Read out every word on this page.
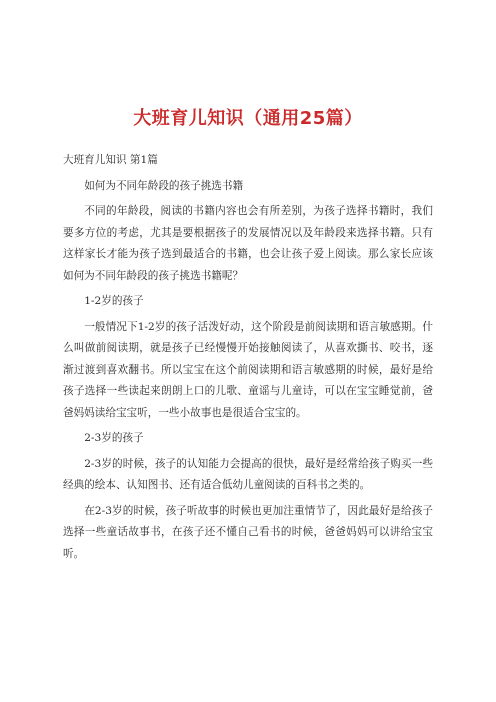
大班育儿知识（通用25篇）

大班育儿知识 第1篇

如何为不同年龄段的孩子挑选书籍

不同的年龄段，阅读的书籍内容也会有所差别，为孩子选择书籍时，我们要多方位的考虑，尤其是要根据孩子的发展情况以及年龄段来选择书籍。只有这样家长才能为孩子选到最适合的书籍，也会让孩子爱上阅读。那么家长应该如何为不同年龄段的孩子挑选书籍呢？

1-2岁的孩子

一般情况下1-2岁的孩子活泼好动，这个阶段是前阅读期和语言敏感期。什么叫做前阅读期，就是孩子已经慢慢开始接触阅读了，从喜欢撕书、咬书，逐渐过渡到喜欢翻书。所以宝宝在这个前阅读期和语言敏感期的时候，最好是给孩子选择一些读起来朗朗上口的儿歌、童谣与儿童诗，可以在宝宝睡觉前，爸爸妈妈读给宝宝听，一些小故事也是很适合宝宝的。

2-3岁的孩子

2-3岁的时候，孩子的认知能力会提高的很快，最好是经常给孩子购买一些经典的绘本、认知图书、还有适合低幼儿童阅读的百科书之类的。

在2-3岁的时候，孩子听故事的时候也更加注重情节了，因此最好是给孩子选择一些童话故事书，在孩子还不懂自己看书的时候，爸爸妈妈可以讲给宝宝听。
